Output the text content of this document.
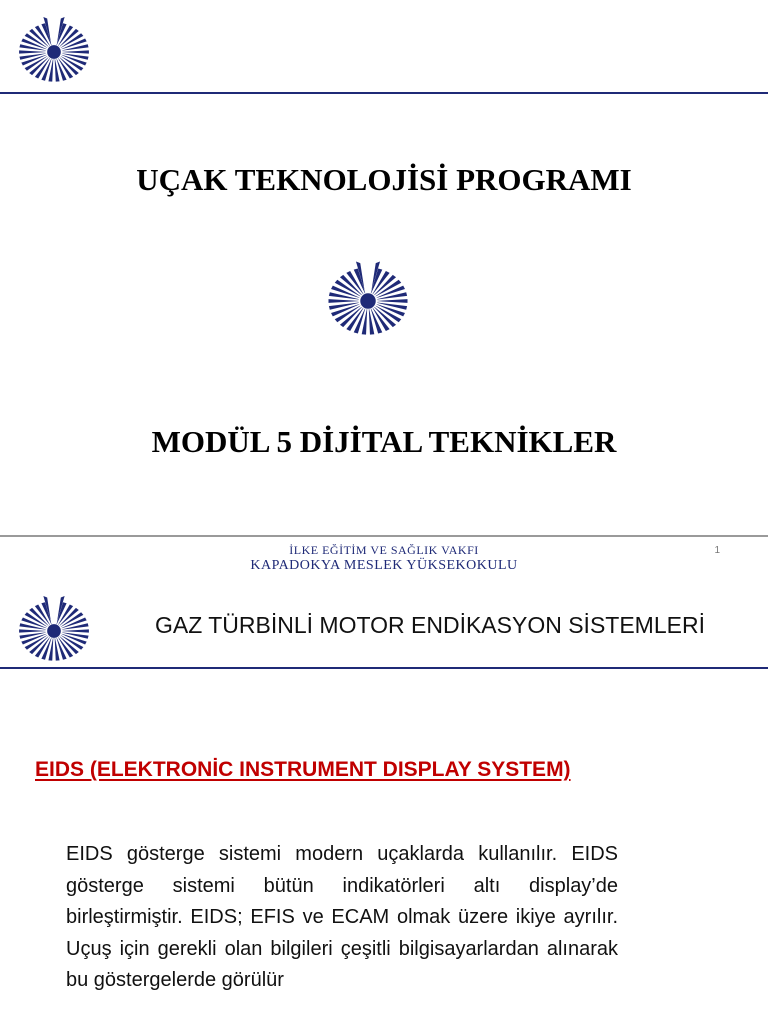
UÇAK TEKNOLOJİSİ PROGRAMI
MODÜL 5 DİJİTAL TEKNİKLER
İLKE EĞİTİM VE SAĞLIK VAKFI
KAPADOKYA MESLEK YÜKSEKOKULU
1
GAZ TÜRBİNLİ MOTOR ENDİKASYON SİSTEMLERİ
EIDS (ELEKTRONİC INSTRUMENT DISPLAY SYSTEM)
EIDS gösterge sistemi modern uçaklarda kullanılır. EIDS gösterge sistemi bütün indikatörleri altı display’de birleştirmiştir. EIDS; EFIS ve ECAM olmak üzere ikiye ayrılır. Uçuş için gerekli olan bilgileri çeşitli bilgisayarlardan alınarak bu göstergelerde görülür
